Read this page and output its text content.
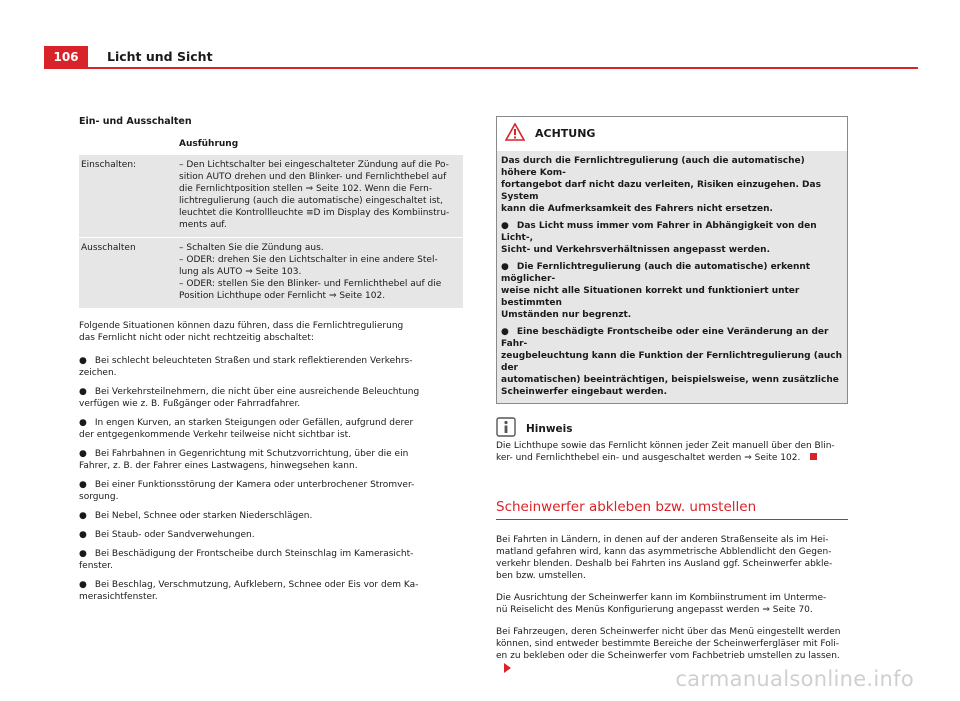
106	Licht und Sicht
Ein- und Ausschalten
Ausführung
Einschalten:	– Den Lichtschalter bei eingeschalteter Zündung auf die Po-
sition AUTO drehen und den Blinker- und Fernlichthebel auf
die Fernlichtposition stellen ⇒ Seite 102. Wenn die Fern-
lichtregulierung (auch die automatische) eingeschaltet ist,
leuchtet die Kontrollleuchte ≡D im Display des Kombiinstru-
ments auf.
Ausschalten	– Schalten Sie die Zündung aus.
– ODER: drehen Sie den Lichtschalter in eine andere Stel-
lung als AUTO ⇒ Seite 103.
– ODER: stellen Sie den Blinker- und Fernlichthebel auf die
Position Lichthupe oder Fernlicht ⇒ Seite 102.
Folgende Situationen können dazu führen, dass die Fernlichtregulierung
das Fernlicht nicht oder nicht rechtzeitig abschaltet:
● Bei schlecht beleuchteten Straßen und stark reflektierenden Verkehrs-
zeichen.
● Bei Verkehrsteilnehmern, die nicht über eine ausreichende Beleuchtung
verfügen wie z. B. Fußgänger oder Fahrradfahrer.
● In engen Kurven, an starken Steigungen oder Gefällen, aufgrund derer
der entgegenkommende Verkehr teilweise nicht sichtbar ist.
● Bei Fahrbahnen in Gegenrichtung mit Schutzvorrichtung, über die ein
Fahrer, z. B. der Fahrer eines Lastwagens, hinwegsehen kann.
● Bei einer Funktionsstörung der Kamera oder unterbrochener Stromver-
sorgung.
● Bei Nebel, Schnee oder starken Niederschlägen.
● Bei Staub- oder Sandverwehungen.
● Bei Beschädigung der Frontscheibe durch Steinschlag im Kamerasicht-
fenster.
● Bei Beschlag, Verschmutzung, Aufklebern, Schnee oder Eis vor dem Ka-
merasichtfenster.
ACHTUNG
Das durch die Fernlichtregulierung (auch die automatische) höhere Kom-
fortangebot darf nicht dazu verleiten, Risiken einzugehen. Das System
kann die Aufmerksamkeit des Fahrers nicht ersetzen.
● Das Licht muss immer vom Fahrer in Abhängigkeit von den Licht-,
Sicht- und Verkehrsverhältnissen angepasst werden.
● Die Fernlichtregulierung (auch die automatische) erkennt möglicher-
weise nicht alle Situationen korrekt und funktioniert unter bestimmten
Umständen nur begrenzt.
● Eine beschädigte Frontscheibe oder eine Veränderung an der Fahr-
zeugbeleuchtung kann die Funktion der Fernlichtregulierung (auch der
automatischen) beeinträchtigen, beispielsweise, wenn zusätzliche
Scheinwerfer eingebaut werden.
Hinweis
Die Lichthupe sowie das Fernlicht können jeder Zeit manuell über den Blin-
ker- und Fernlichthebel ein- und ausgeschaltet werden ⇒ Seite 102.
Scheinwerfer abkleben bzw. umstellen
Bei Fahrten in Ländern, in denen auf der anderen Straßenseite als im Hei-
matland gefahren wird, kann das asymmetrische Abblendlicht den Gegen-
verkehr blenden. Deshalb bei Fahrten ins Ausland ggf. Scheinwerfer abkle-
ben bzw. umstellen.
Die Ausrichtung der Scheinwerfer kann im Kombiinstrument im Unterme-
nü Reiselicht des Menüs Konfigurierung angepasst werden ⇒ Seite 70.
Bei Fahrzeugen, deren Scheinwerfer nicht über das Menü eingestellt werden
können, sind entweder bestimmte Bereiche der Scheinwerfergläser mit Foli-
en zu bekleben oder die Scheinwerfer vom Fachbetrieb umstellen zu lassen.
carmanualsonline.info
